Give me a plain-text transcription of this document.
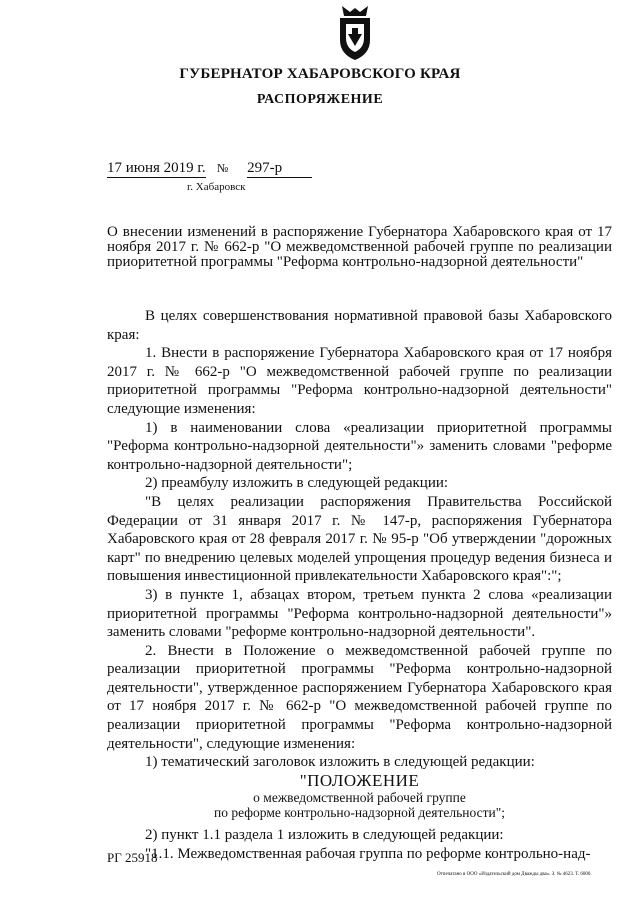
ГУБЕРНАТОР ХАБАРОВСКОГО КРАЯ
РАСПОРЯЖЕНИЕ
17 июня 2019 г. № 297-р
г. Хабаровск
О внесении изменений в распоряжение Губернатора Хабаровского края от 17 ноября 2017 г. № 662-р "О межведомственной рабочей группе по реализации приоритетной программы "Реформа контрольно-надзорной деятельности"

В целях совершенствования нормативной правовой базы Хабаровского края:

1. Внести в распоряжение Губернатора Хабаровского края от 17 ноября 2017 г. № 662-р "О межведомственной рабочей группе по реализации приоритетной программы "Реформа контрольно-надзорной деятельности" следующие изменения:

1) в наименовании слова «реализации приоритетной программы "Реформа контрольно-надзорной деятельности"» заменить словами "реформе контрольно-надзорной деятельности";

2) преамбулу изложить в следующей редакции:

"В целях реализации распоряжения Правительства Российской Федерации от 31 января 2017 г. № 147-р, распоряжения Губернатора Хабаровского края от 28 февраля 2017 г. № 95-р "Об утверждении "дорожных карт" по внедрению целевых моделей упрощения процедур ведения бизнеса и повышения инвестиционной привлекательности Хабаровского края":";

3) в пункте 1, абзацах втором, третьем пункта 2 слова «реализации приоритетной программы "Реформа контрольно-надзорной деятельности"» заменить словами "реформе контрольно-надзорной деятельности".

2. Внести в Положение о межведомственной рабочей группе по реализации приоритетной программы "Реформа контрольно-надзорной деятельности", утвержденное распоряжением Губернатора Хабаровского края от 17 ноября 2017 г. № 662-р "О межведомственной рабочей группе по реализации приоритетной программы "Реформа контрольно-надзорной деятельности", следующие изменения:

1) тематический заголовок изложить в следующей редакции:

"ПОЛОЖЕНИЕ

о межведомственной рабочей группе

по реформе контрольно-надзорной деятельности";

2) пункт 1.1 раздела 1 изложить в следующей редакции:

"1.1. Межведомственная рабочая группа по реформе контрольно-над-

РГ 25918
Отпечатано в ООО «Издательский дом Дважды два». З. № 4623. Т. 6000.
